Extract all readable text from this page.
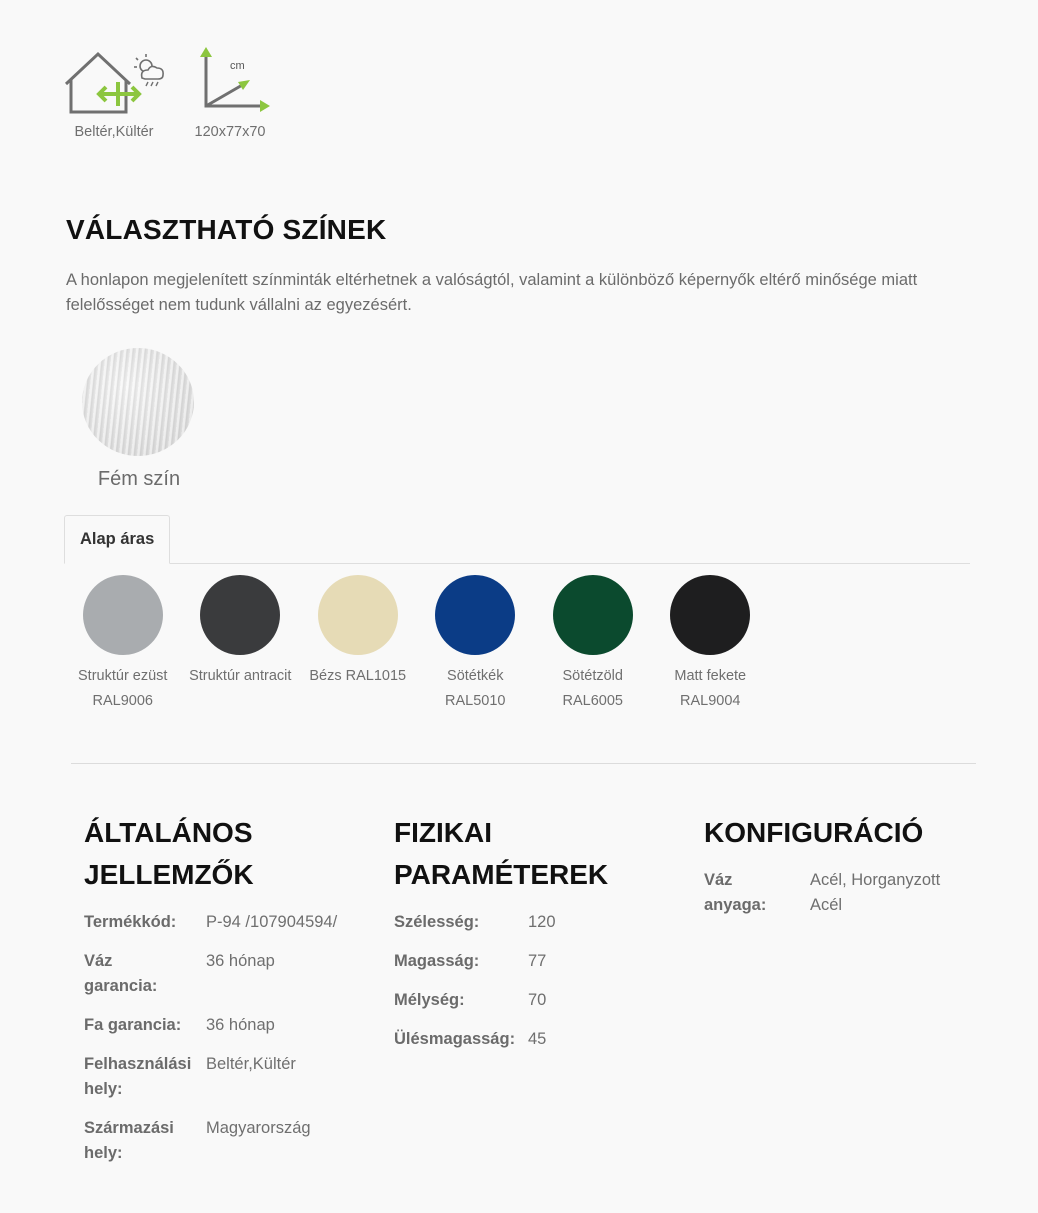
Beltér,Kültér
cm
120x77x70
VÁLASZTHATÓ SZÍNEK

A honlapon megjelenített színminták eltérhetnek a valóságtól, valamint a különböző képernyők eltérő minősége miatt felelősséget nem tudunk vállalni az egyezésért.

Fém szín
Alap áras
Struktúr ezüst
RAL9006
Struktúr antracit Bézs RAL1015	Sötétkék
RAL5010
Sötétzöld
RAL6005
Matt fekete
RAL9004
ÁLTALÁNOS
JELLEMZŐK
Termékkód:	P-94 /107904594/
Váz garancia:
36 hónap
Fa garancia:	36 hónap
Felhasználási hely:
Beltér,Kültér
Származási hely:
Magyarország
FIZIKAI
PARAMÉTEREK
Szélesség:	120
Magasság:	77
Mélység:	70
Ülésmagasság: 45
KONFIGURÁCIÓ
Váz anyaga:
Acél, Horganyzott Acél
